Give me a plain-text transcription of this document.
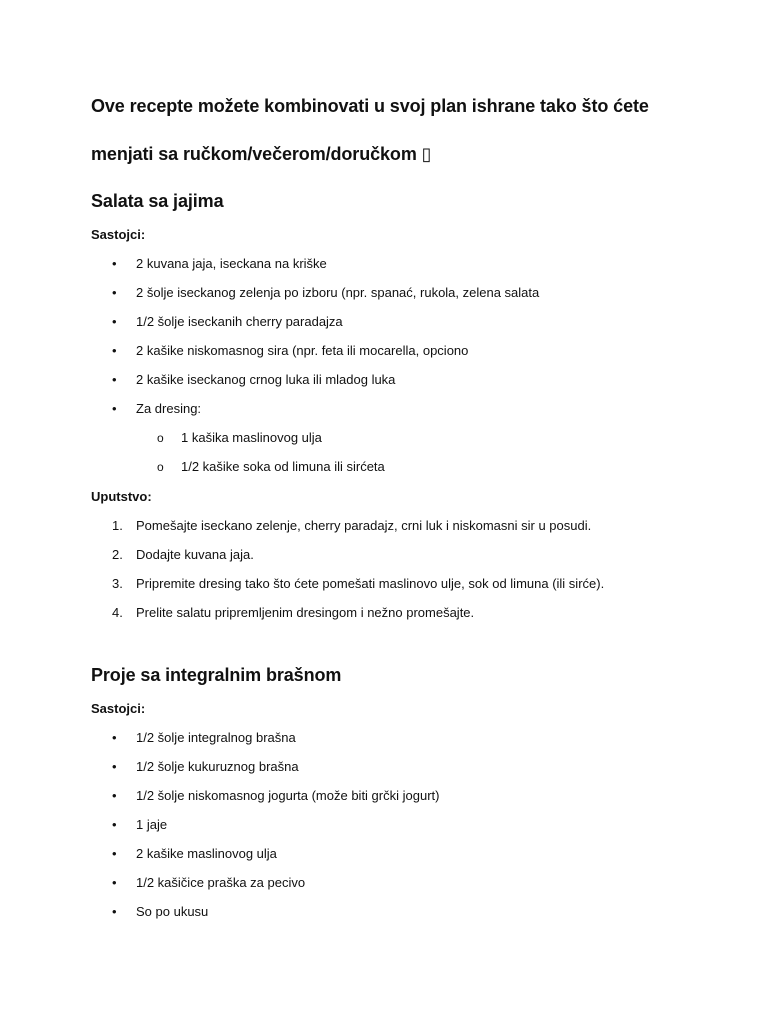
Ove recepte možete kombinovati u svoj plan ishrane tako što ćete

menjati sa ručkom/večerom/doručkom ▯

Salata sa jajima

Sastojci:

• 2 kuvana jaja, iseckana na kriške
• 2 šolje iseckanog zelenja po izboru (npr. spanać, rukola, zelena salata
• 1/2 šolje iseckanih cherry paradajza
• 2 kašike niskomasnog sira (npr. feta ili mocarella, opciono
• 2 kašike iseckanog crnog luka ili mladog luka
• Za dresing:
o 1 kašika maslinovog ulja
o 1/2 kašike soka od limuna ili sirćeta

Uputstvo:

1. Pomešajte iseckano zelenje, cherry paradajz, crni luk i niskomasni sir u posudi.
2. Dodajte kuvana jaja.
3. Pripremite dresing tako što ćete pomešati maslinovo ulje, sok od limuna (ili sirće).
4. Prelite salatu pripremljenim dresingom i nežno promešajte.
Proje sa integralnim brašnom

Sastojci:

• 1/2 šolje integralnog brašna
• 1/2 šolje kukuruznog brašna
• 1/2 šolje niskomasnog jogurta (može biti grčki jogurt)
• 1 jaje
• 2 kašike maslinovog ulja
• 1/2 kašičice praška za pecivo
• So po ukusu
